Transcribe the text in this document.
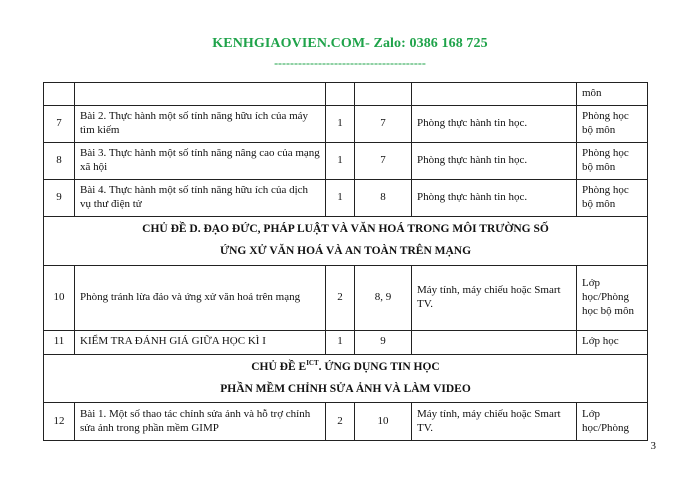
KENHGIAOVIEN.COM- Zalo: 0386 168 725
--------------------------------------
					môn
7	Bài 2. Thực hành một số tính năng hữu ích của máy tìm kiếm	1	7	Phòng thực hành tin học.	Phòng học bộ môn
8	Bài 3. Thực hành một số tính năng nâng cao của mạng xã hội	1	7	Phòng thực hành tin học.	Phòng học bộ môn
9	Bài 4. Thực hành một số tính năng hữu ích của dịch vụ thư điện tử	1	8	Phòng thực hành tin học.	Phòng học bộ môn

CHỦ ĐỀ D. ĐẠO ĐỨC, PHÁP LUẬT VÀ VĂN HOÁ TRONG MÔI TRƯỜNG SỐ
ỨNG XỬ VĂN HOÁ VÀ AN TOÀN TRÊN MẠNG					

10	Phòng tránh lừa đảo và ứng xử văn hoá trên mạng	2	8, 9	Máy tính, máy chiếu hoặc Smart TV.	Lớp học/Phòng học bộ môn
11	KIỂM TRA ĐÁNH GIÁ GIỮA HỌC KÌ I	1	9		Lớp học

CHỦ ĐỀ $E^{ICT}$. ỨNG DỤNG TIN HỌC
PHẦN MỀM CHỈNH SỬA ẢNH VÀ LÀM VIDEO					

12	Bài 1. Một số thao tác chỉnh sửa ảnh và hỗ trợ chỉnh sửa ảnh trong phần mềm GIMP	2	10	Máy tính, máy chiếu hoặc Smart TV.	Lớp học/Phòng
3
